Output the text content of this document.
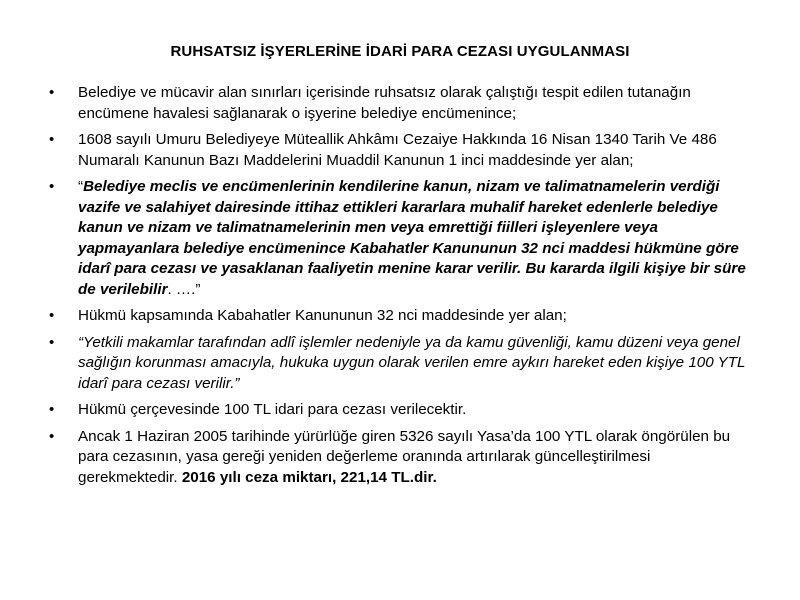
RUHSATSIZ İŞYERLERİNE İDARİ PARA CEZASI UYGULANMASI
• Belediye ve mücavir alan sınırları içerisinde ruhsatsız olarak çalıştığı tespit edilen tutanağın encümene havalesi sağlanarak o işyerine belediye encümenince;
• 1608 sayılı Umuru Belediyeye Müteallik Ahkâmı Cezaiye Hakkında 16 Nisan 1340 Tarih Ve 486 Numaralı Kanunun Bazı Maddelerini Muaddil Kanunun 1 inci maddesinde yer alan;
• “Belediye meclis ve encümenlerinin kendilerine kanun, nizam ve talimatnamelerin verdiği vazife ve salahiyet dairesinde ittihaz ettikleri kararlara muhalif hareket edenlerle belediye kanun ve nizam ve talimatnamelerinin men veya emrettiği fiilleri işleyenlere veya yapmayanlara belediye encümenince Kabahatler Kanununun 32 nci maddesi hükmüne göre idarî para cezası ve yasaklanan faaliyetin menine karar verilir. Bu kararda ilgili kişiye bir süre de verilebilir. ….”
• Hükmü kapsamında Kabahatler Kanununun 32 nci maddesinde yer alan;
• “Yetkili makamlar tarafından adlî işlemler nedeniyle ya da kamu güvenliği, kamu düzeni veya genel sağlığın korunması amacıyla, hukuka uygun olarak verilen emre aykırı hareket eden kişiye 100 YTL idarî para cezası verilir.”
• Hükmü çerçevesinde 100 TL idari para cezası verilecektir.
• Ancak 1 Haziran 2005 tarihinde yürürlüğe giren 5326 sayılı Yasa’da 100 YTL olarak öngörülen bu para cezasının, yasa gereği yeniden değerleme oranında artırılarak güncelleştirilmesi gerekmektedir. 2016 yılı ceza miktarı, 221,14 TL.dir.
